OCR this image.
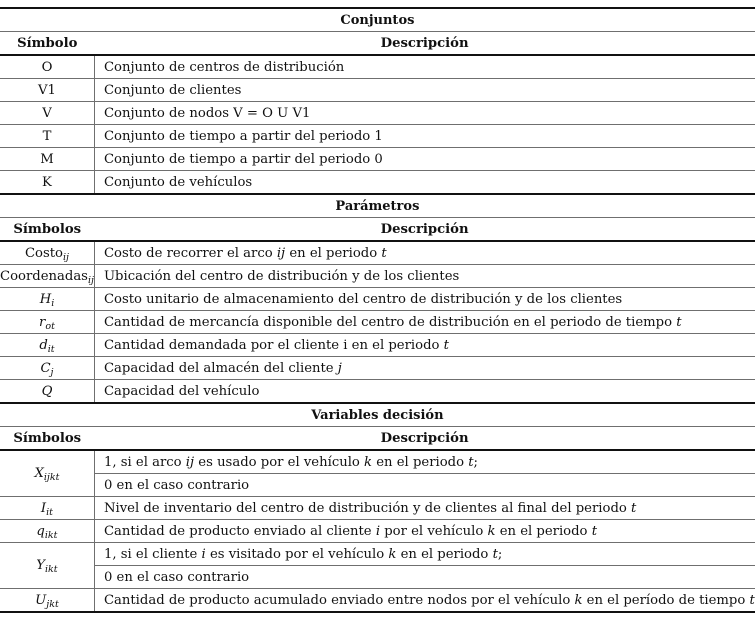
Conjuntos	
Símbolo	Descripción
O	Conjunto de centros de distribución
V1	Conjunto de clientes
V	Conjunto de nodos V = O U V1
T	Conjunto de tiempo a partir del periodo 1
M	Conjunto de tiempo a partir del periodo 0
K	Conjunto de vehículos
Parámetros	
Símbolos	Descripción
Costo$_{ij}$	Costo de recorrer el arco ij en el periodo t
Coordenadas$_{ij}$	Ubicación del centro de distribución y de los clientes
$H_i$	Costo unitario de almacenamiento del centro de distribución y de los clientes
$r_{ot}$	Cantidad de mercancía disponible del centro de distribución en el periodo de tiempo t
$d_{it}$	Cantidad demandada por el cliente i en el periodo t
$C_j$	Capacidad del almacén del cliente j
Q	Capacidad del vehículo
Variables decisión	
Símbolos	Descripción
$X_{ijkt}$	1, si el arco ij es usado por el vehículo k en el periodo t;
	0 en el caso contrario
$I_{it}$	Nivel de inventario del centro de distribución y de clientes al final del periodo t
$q_{ikt}$	Cantidad de producto enviado al cliente i por el vehículo k en el periodo t
$Y_{ikt}$	1, si el cliente i es visitado por el vehículo k en el periodo t;
	0 en el caso contrario
$U_{jkt}$	Cantidad de producto acumulado enviado entre nodos por el vehículo k en el período de tiempo t
